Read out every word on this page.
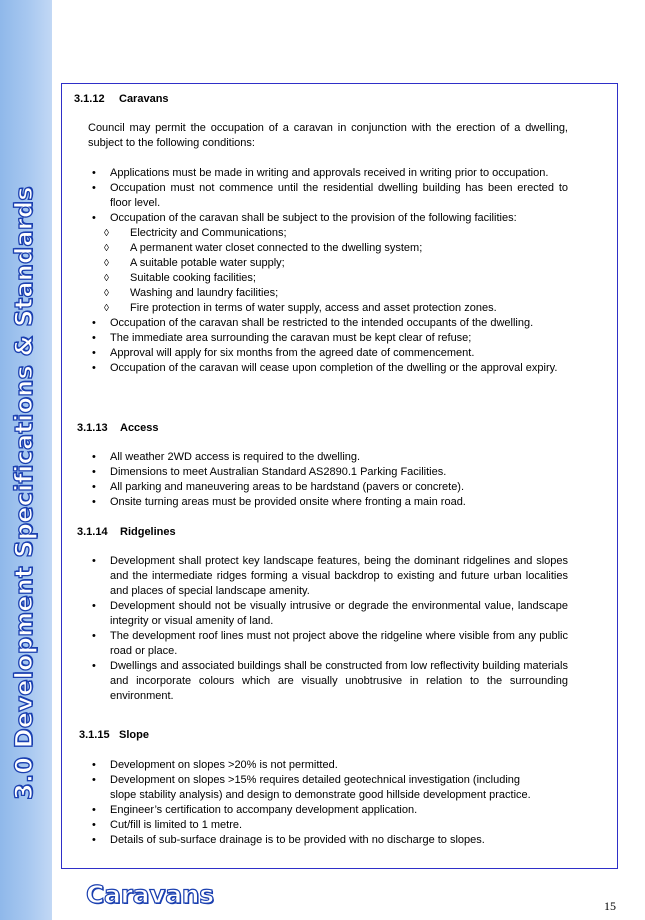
3.0 Development Specifications & Standards
3.1.12 Caravans
Council may permit the occupation of a caravan in conjunction with the erection of a dwelling, subject to the following conditions:
• Applications must be made in writing and approvals received in writing prior to occupation.
• Occupation must not commence until the residential dwelling building has been erected to floor level.
• Occupation of the caravan shall be subject to the provision of the following facilities:
◊ Electricity and Communications;
◊ A permanent water closet connected to the dwelling system;
◊ A suitable potable water supply;
◊ Suitable cooking facilities;
◊ Washing and laundry facilities;
◊ Fire protection in terms of water supply, access and asset protection zones.
• Occupation of the caravan shall be restricted to the intended occupants of the dwelling.
• The immediate area surrounding the caravan must be kept clear of refuse;
• Approval will apply for six months from the agreed date of commencement.
• Occupation of the caravan will cease upon completion of the dwelling or the approval expiry.
3.1.13 Access
• All weather 2WD access is required to the dwelling.
• Dimensions to meet Australian Standard AS2890.1 Parking Facilities.
• All parking and maneuvering areas to be hardstand (pavers or concrete).
• Onsite turning areas must be provided onsite where fronting a main road.
3.1.14 Ridgelines
• Development shall protect key landscape features, being the dominant ridgelines and slopes and the intermediate ridges forming a visual backdrop to existing and future urban localities and places of special landscape amenity.
• Development should not be visually intrusive or degrade the environmental value, landscape integrity or visual amenity of land.
• The development roof lines must not project above the ridgeline where visible from any public road or place.
• Dwellings and associated buildings shall be constructed from low reflectivity building materials and incorporate colours which are visually unobtrusive in relation to the surrounding environment.
3.1.15 Slope
• Development on slopes >20% is not permitted.
• Development on slopes >15% requires detailed geotechnical investigation (including
slope stability analysis) and design to demonstrate good hillside development practice.
• Engineer’s certification to accompany development application.
• Cut/fill is limited to 1 metre.
• Details of sub-surface drainage is to be provided with no discharge to slopes.
Caravans	15
